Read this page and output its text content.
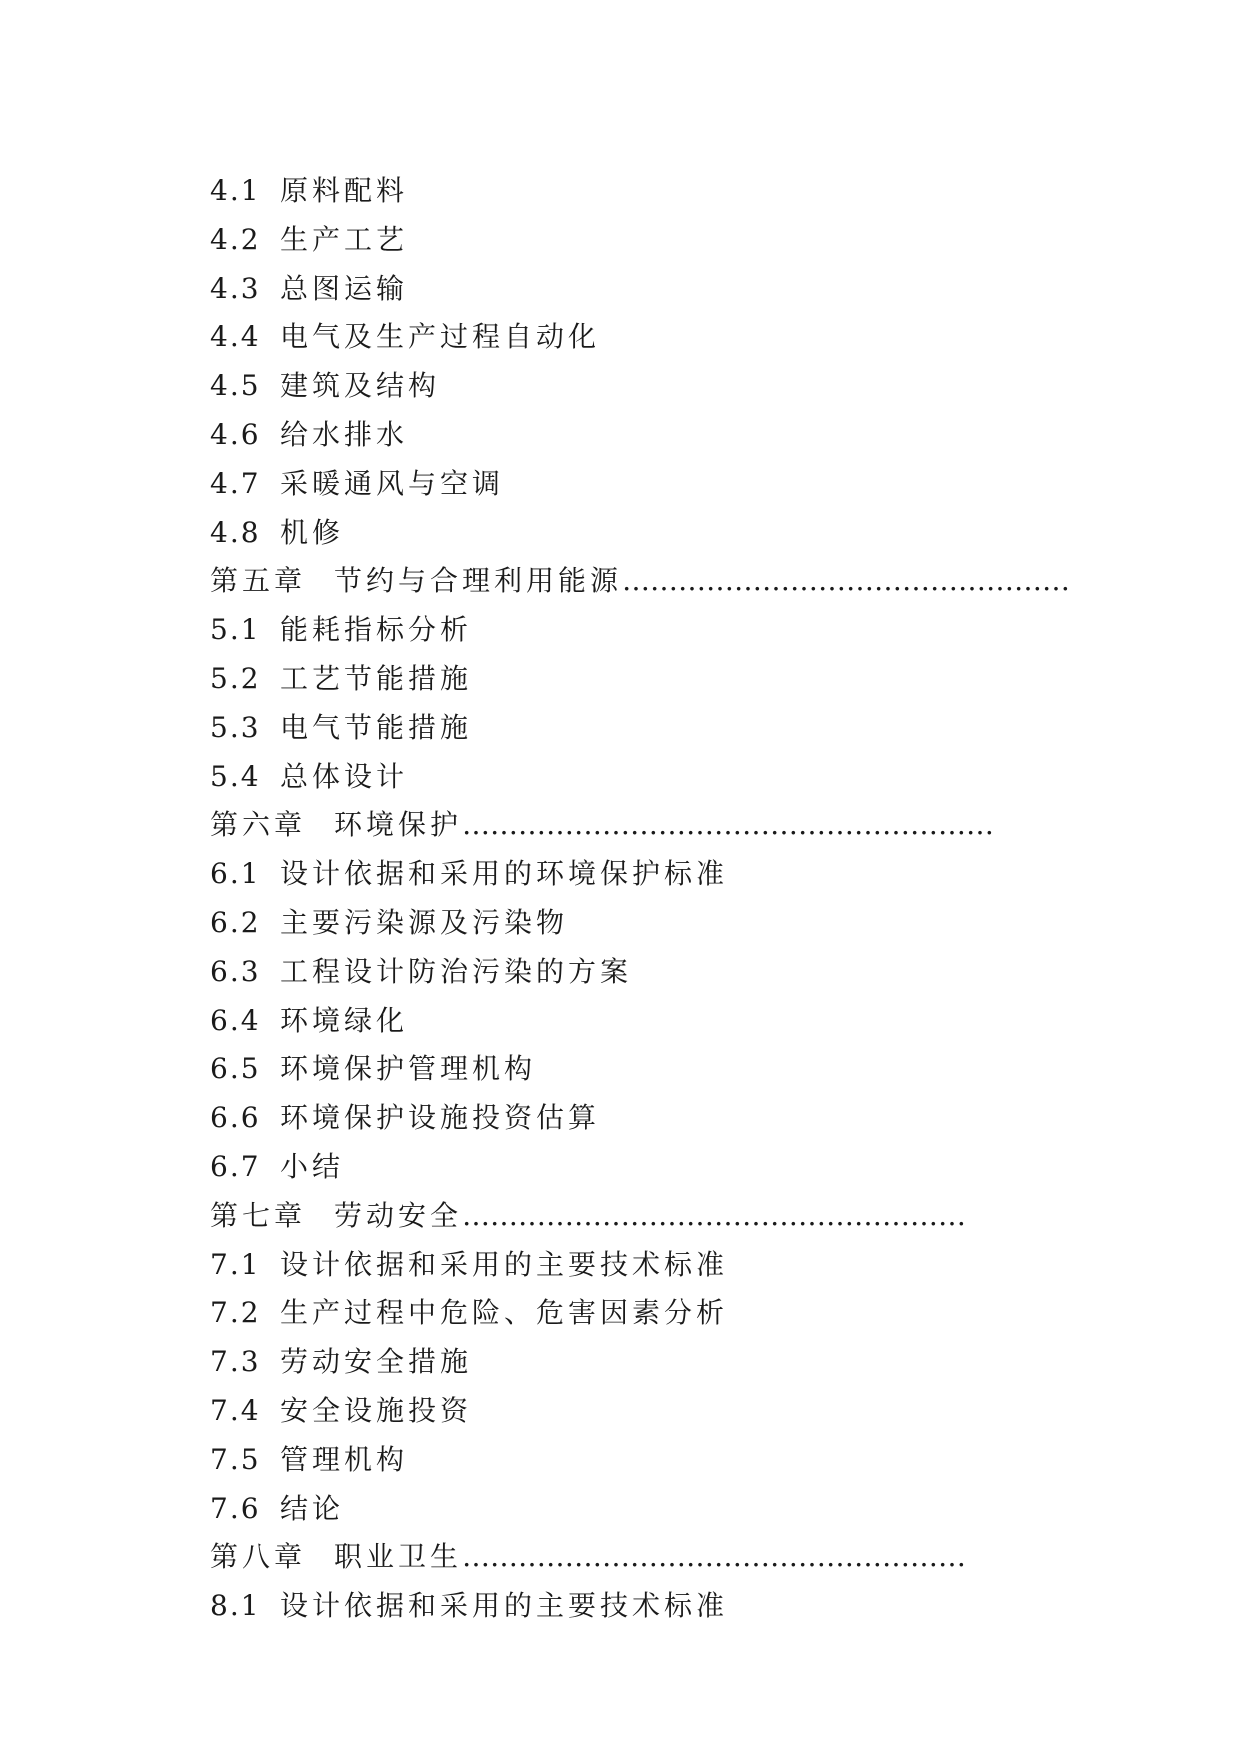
4.1 原料配料
4.2 生产工艺
4.3 总图运输
4.4 电气及生产过程自动化
4.5 建筑及结构
4.6 给水排水
4.7 采暖通风与空调
4.8 机修
第五章 节约与合理利用能源…………………………………………
5.1 能耗指标分析
5.2 工艺节能措施
5.3 电气节能措施
5.4 总体设计
第六章 环境保护…………………………………………………
6.1 设计依据和采用的环境保护标准
6.2 主要污染源及污染物
6.3 工程设计防治污染的方案
6.4 环境绿化
6.5 环境保护管理机构
6.6 环境保护设施投资估算
6.7 小结
第七章 劳动安全………………………………………………
7.1 设计依据和采用的主要技术标准
7.2 生产过程中危险、危害因素分析
7.3 劳动安全措施
7.4 安全设施投资
7.5 管理机构
7.6 结论
第八章 职业卫生………………………………………………
8.1 设计依据和采用的主要技术标准
